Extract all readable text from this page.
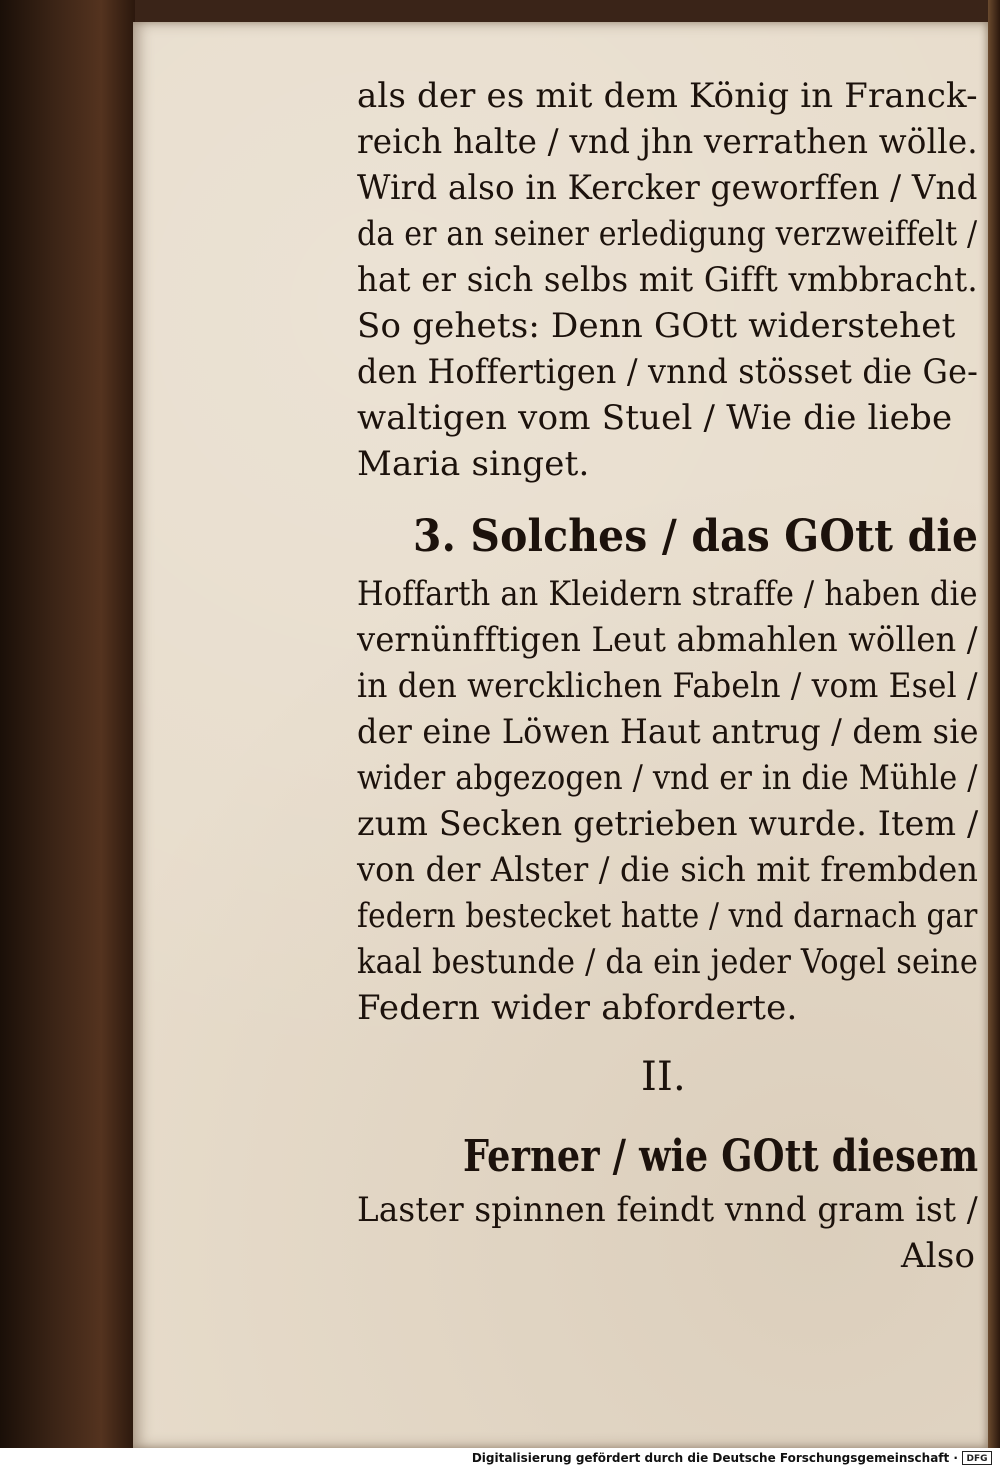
als der es mit dem König in Franck-

reich halte / vnd jhn verrathen wölle.

Wird also in Kercker geworffen / Vnd

da er an seiner erledigung verzweiffelt /

hat er sich selbs mit Gifft vmbbracht.

So gehets: Denn GOtt widerstehet

den Hoffertigen / vnnd stösset die Ge-

waltigen vom Stuel / Wie die liebe

Maria singet.

3. Solches / das GOtt die

Hoffarth an Kleidern straffe / haben die

vernünfftigen Leut abmahlen wöllen /

in den wercklichen Fabeln / vom Esel /

der eine Löwen Haut antrug / dem sie

wider abgezogen / vnd er in die Mühle /

zum Secken getrieben wurde. Item /

von der Alster / die sich mit frembden

federn bestecket hatte / vnd darnach gar

kaal bestunde / da ein jeder Vogel seine

Federn wider abforderte.

II.

Ferner / wie GOtt diesem

Laster spinnen feindt vnnd gram ist /

Also

Digitalisierung gefördert durch die Deutsche Forschungsgemeinschaft · DFG
